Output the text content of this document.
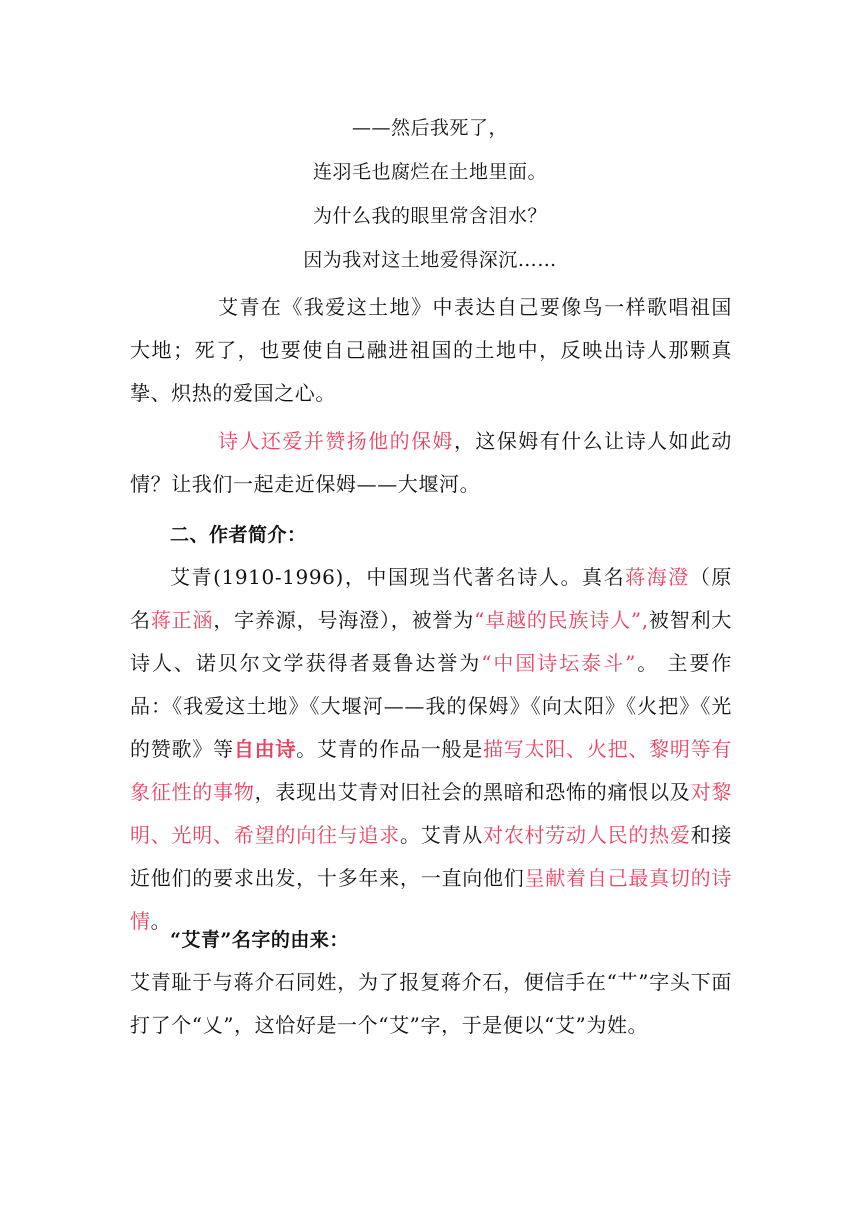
——然后我死了，
连羽毛也腐烂在土地里面。
为什么我的眼里常含泪水？
因为我对这土地爱得深沉……

艾青在《我爱这土地》中表达自己要像鸟一样歌唱祖国大地；死了，也要使自己融进祖国的土地中，反映出诗人那颗真挚、炽热的爱国之心。

诗人还爱并赞扬他的保姆，这保姆有什么让诗人如此动情？让我们一起走近保姆——大堰河。

二、作者简介：

艾青(1910-1996)，中国现当代著名诗人。真名蒋海澄（原名蒋正涵，字养源，号海澄），被誉为“卓越的民族诗人”,被智利大诗人、诺贝尔文学获得者聂鲁达誉为“中国诗坛泰斗”。 主要作品：《我爱这土地》《大堰河——我的保姆》《向太阳》《火把》《光的赞歌》等自由诗。艾青的作品一般是描写太阳、火把、黎明等有象征性的事物，表现出艾青对旧社会的黑暗和恐怖的痛恨以及对黎明、光明、希望的向往与追求。艾青从对农村劳动人民的热爱和接近他们的要求出发，十多年来，一直向他们呈献着自己最真切的诗情。

“艾青”名字的由来：

艾青耻于与蒋介石同姓，为了报复蒋介石，便信手在“艹”字头下面打了个“乂”，这恰好是一个“艾”字，于是便以“艾”为姓。
